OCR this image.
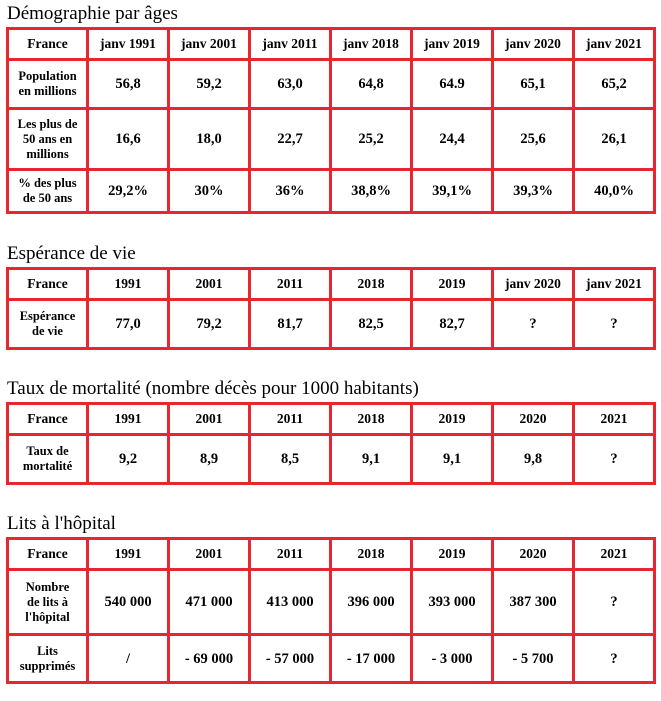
Démographie par âges
France	janv 1991	janv 2001	janv 2011	janv 2018	janv 2019	janv 2020	janv 2021

Population
en millions	56,8	59,2	63,0	64,8	64.9	65,1	65,2

Les plus de
50 ans en
millions	16,6	18,0	22,7	25,2	24,4	25,6	26,1

% des plus
de 50 ans	29,2%	30%	36%	38,8%	39,1%	39,3%	40,0%
Espérance de vie
France	1991	2001	2011	2018	2019	janv 2020	janv 2021

Espérance
de vie	77,0	79,2	81,7	82,5	82,7	?	?
Taux de mortalité (nombre décès pour 1000 habitants)
France	1991	2001	2011	2018	2019	2020	2021

Taux de
mortalité	9,2	8,9	8,5	9,1	9,1	9,8	?
Lits à l'hôpital
France	1991	2001	2011	2018	2019	2020	2021

Nombre
de lits à
l'hôpital	540 000	471 000	413 000	396 000	393 000	387 300	?

Lits
supprimés	/	- 69 000	- 57 000	- 17 000	- 3 000	- 5 700	?
